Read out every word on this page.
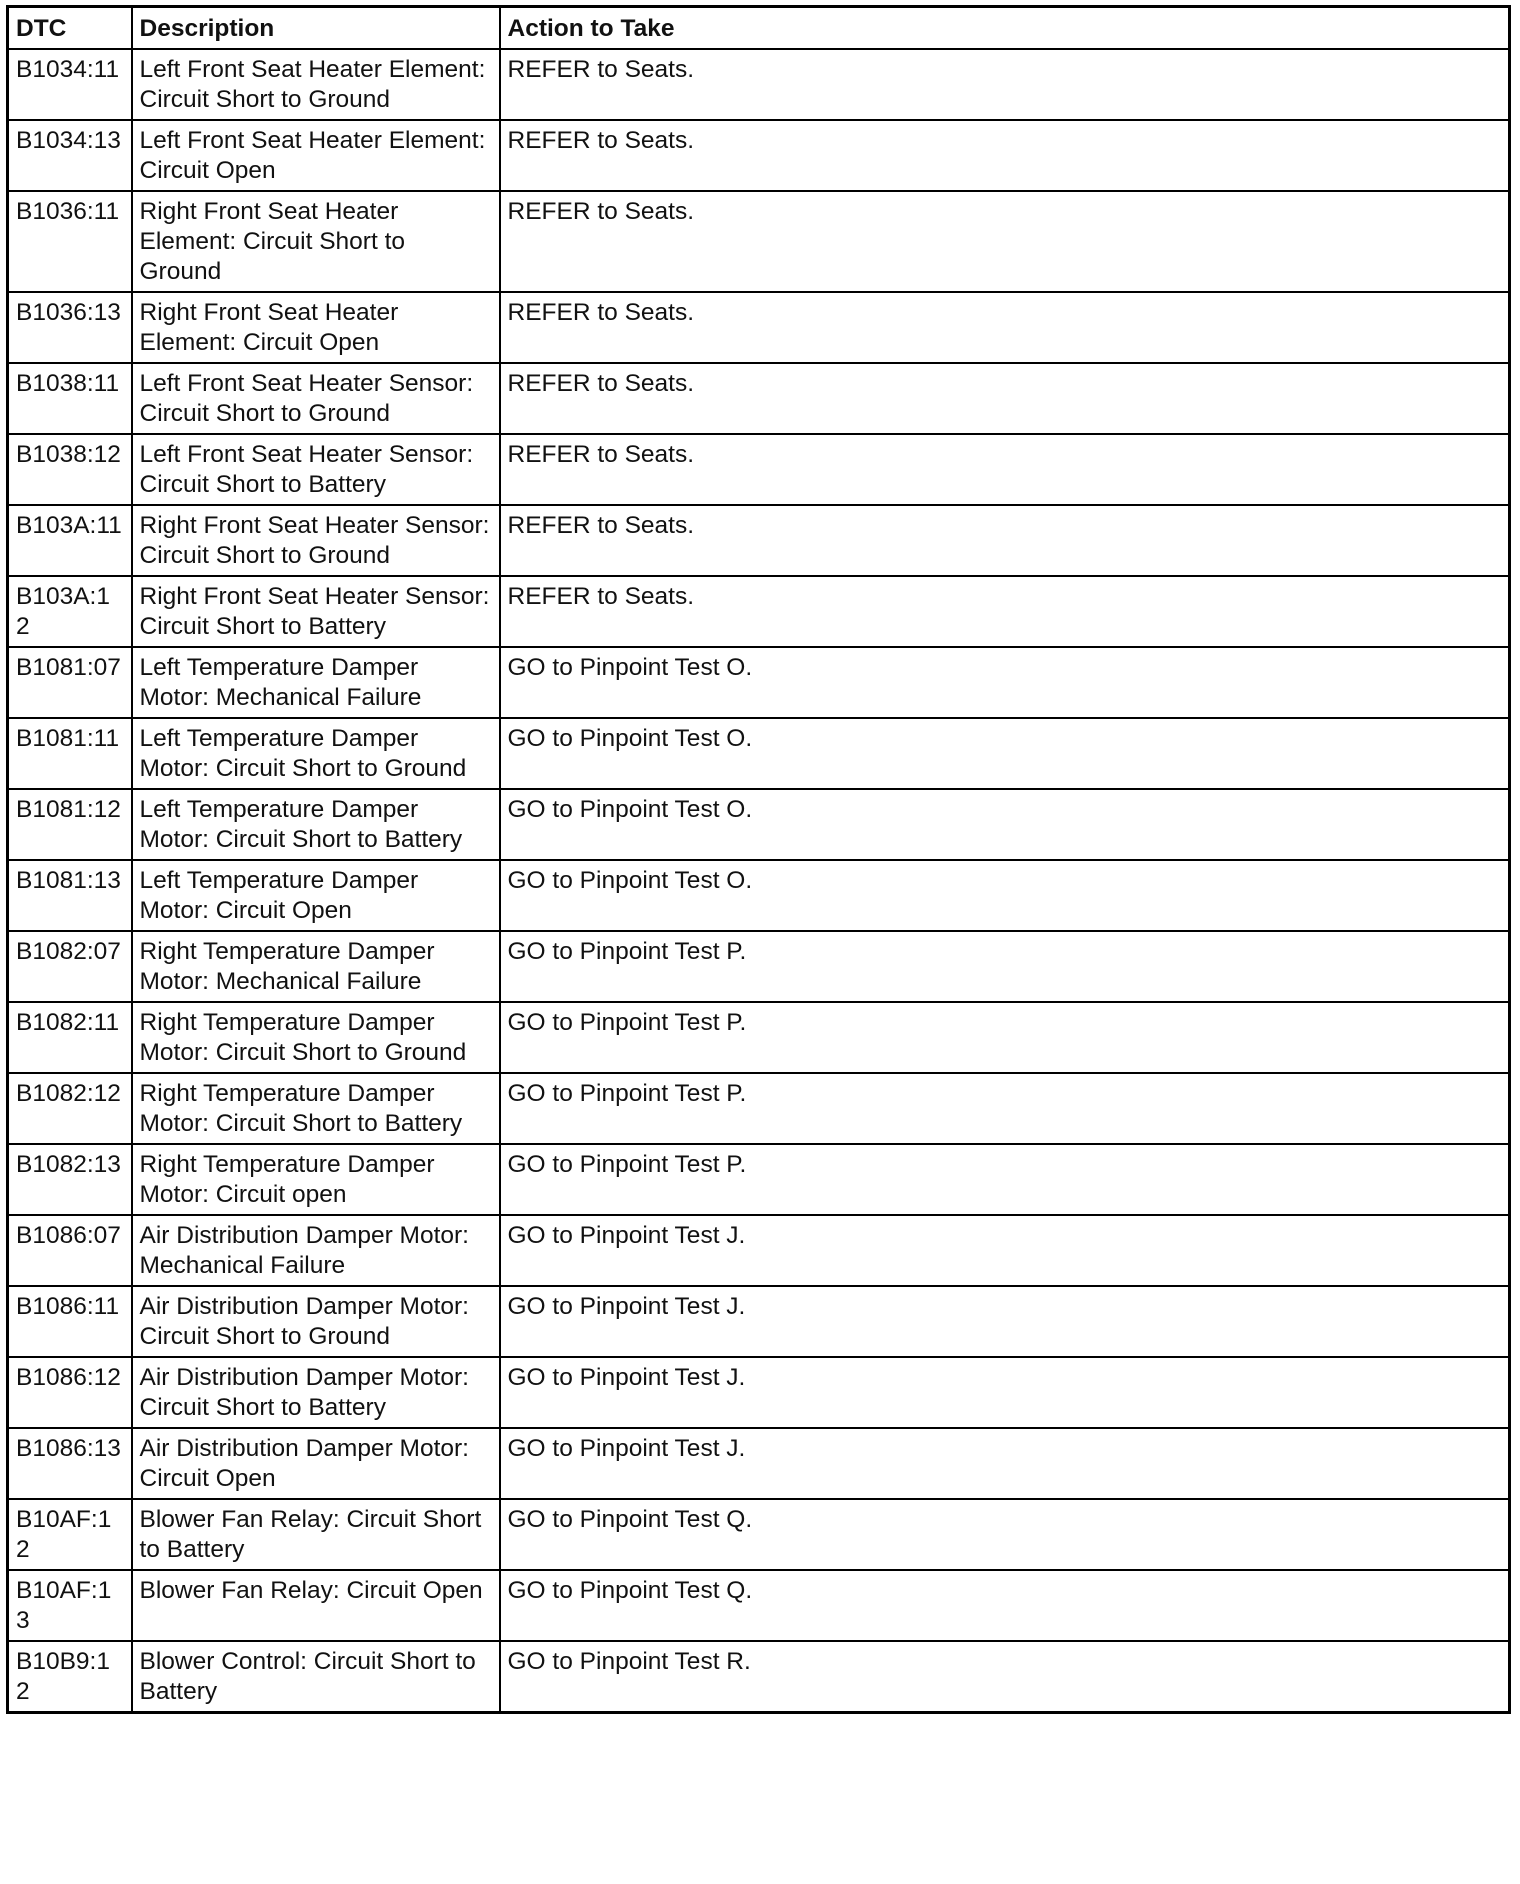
DTC	Description	Action to Take
B1034:11	Left Front Seat Heater Element: Circuit Short to Ground	REFER to Seats.
B1034:13	Left Front Seat Heater Element: Circuit Open	REFER to Seats.
B1036:11	Right Front Seat Heater Element: Circuit Short to Ground	REFER to Seats.
B1036:13	Right Front Seat Heater Element: Circuit Open	REFER to Seats.
B1038:11	Left Front Seat Heater Sensor: Circuit Short to Ground	REFER to Seats.
B1038:12	Left Front Seat Heater Sensor: Circuit Short to Battery	REFER to Seats.
B103A:11	Right Front Seat Heater Sensor: Circuit Short to Ground	REFER to Seats.
B103A:12	Right Front Seat Heater Sensor: Circuit Short to Battery	REFER to Seats.
B1081:07	Left Temperature Damper Motor: Mechanical Failure	GO to Pinpoint Test O.
B1081:11	Left Temperature Damper Motor: Circuit Short to Ground	GO to Pinpoint Test O.
B1081:12	Left Temperature Damper Motor: Circuit Short to Battery	GO to Pinpoint Test O.
B1081:13	Left Temperature Damper Motor: Circuit Open	GO to Pinpoint Test O.
B1082:07	Right Temperature Damper Motor: Mechanical Failure	GO to Pinpoint Test P.
B1082:11	Right Temperature Damper Motor: Circuit Short to Ground	GO to Pinpoint Test P.
B1082:12	Right Temperature Damper Motor: Circuit Short to Battery	GO to Pinpoint Test P.
B1082:13	Right Temperature Damper Motor: Circuit open	GO to Pinpoint Test P.
B1086:07	Air Distribution Damper Motor: Mechanical Failure	GO to Pinpoint Test J.
B1086:11	Air Distribution Damper Motor: Circuit Short to Ground	GO to Pinpoint Test J.
B1086:12	Air Distribution Damper Motor: Circuit Short to Battery	GO to Pinpoint Test J.
B1086:13	Air Distribution Damper Motor: Circuit Open	GO to Pinpoint Test J.
B10AF:12	Blower Fan Relay: Circuit Short to Battery	GO to Pinpoint Test Q.
B10AF:13	Blower Fan Relay: Circuit Open	GO to Pinpoint Test Q.
B10B9:12	Blower Control: Circuit Short to Battery	GO to Pinpoint Test R.
